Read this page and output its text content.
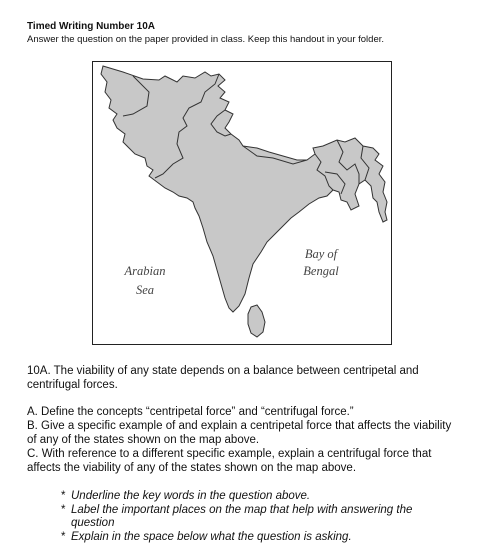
Timed Writing Number 10A
Answer the question on the paper provided in class. Keep this handout in your folder.
Arabian
Sea
Bay of
Bengal

10A. The viability of any state depends on a balance between centripetal and centrifugal forces.

A. Define the concepts “centripetal force” and “centrifugal force.”

B. Give a specific example of and explain a centripetal force that affects the viability of any of the states shown on the map above.

C. With reference to a different specific example, explain a centrifugal force that affects the viability of any of the states shown on the map above.

* Underline the key words in the question above.
* Label the important places on the map that help with answering the question
* Explain in the space below what the question is asking.
